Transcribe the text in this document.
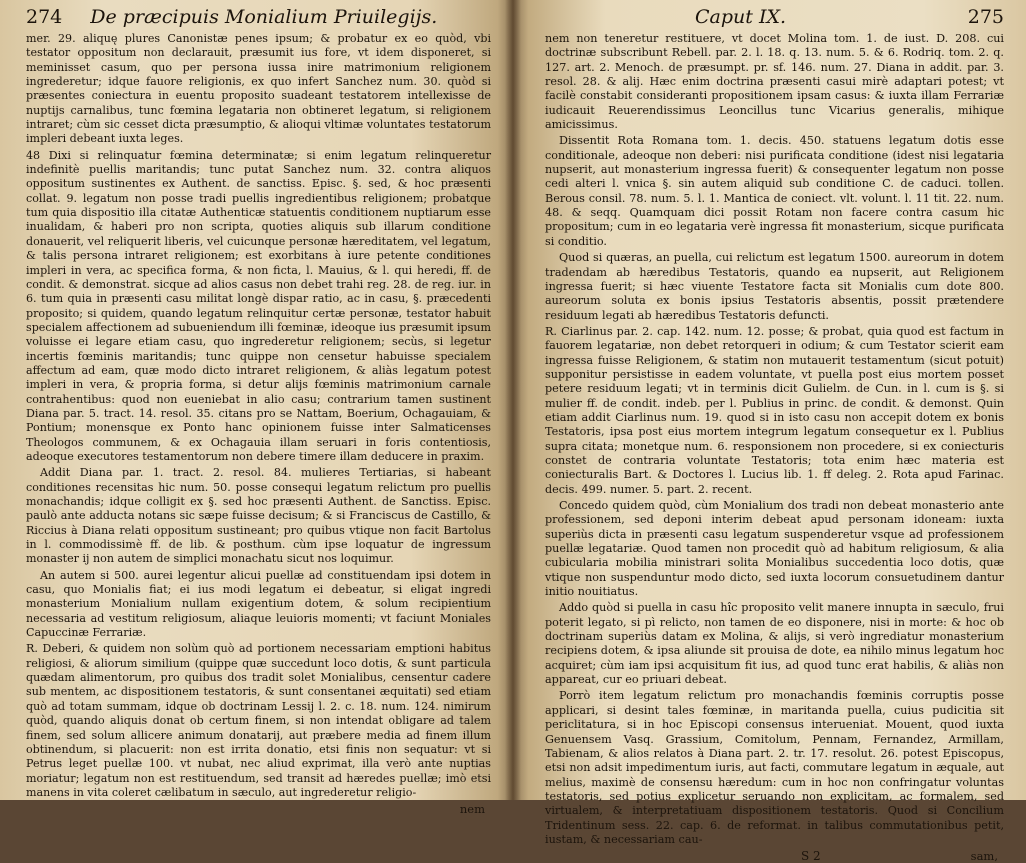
274 De præcipuis Monialium Priuilegijs.

mer. 29. aliquę plures Canonistæ penes ipsum; & probatur ex eo quòd, vbi testator oppositum non declarauit, præsumit ius fore, vt idem disponeret, si meminisset casum, quo per persona iussa inire matrimonium religionem ingrederetur; idque fauore religionis, ex quo infert Sanchez num. 30. quòd si præsentes coniectura in euentu proposito suadeant testatorem intellexisse de nuptijs carnalibus, tunc fœmina legataria non obtineret legatum, si religionem intraret; cùm sic cesset dicta præsumptio, & alioqui vltimæ voluntates testatorum impleri debeant iuxta leges.

48 Dixi si relinquatur fœmina determinatæ; si enim legatum relinqueretur indefinitè puellis maritandis; tunc putat Sanchez num. 32. contra aliquos oppositum sustinentes ex Authent. de sanctiss. Episc. §. sed, & hoc præsenti collat. 9. legatum non posse tradi puellis ingredientibus religionem; probatque tum quia dispositio illa citatæ Authenticæ statuentis conditionem nuptiarum esse inualidam, & haberi pro non scripta, quoties aliquis sub illarum conditione donauerit, vel reliquerit liberis, vel cuicunque personæ hæreditatem, vel legatum, & talis persona intraret religionem; est exorbitans à iure petente conditiones impleri in vera, ac specifica forma, & non ficta, l. Mauius, & l. qui heredi, ff. de condit. & demonstrat. sicque ad alios casus non debet trahi reg. 28. de reg. iur. in 6. tum quia in præsenti casu militat longè dispar ratio, ac in casu, §. præcedenti proposito; si quidem, quando legatum relinquitur certæ personæ, testator habuit specialem affectionem ad subueniendum illi fœminæ, ideoque ius præsumit ipsum voluisse ei legare etiam casu, quo ingrederetur religionem; secùs, si legetur incertis fœminis maritandis; tunc quippe non censetur habuisse specialem affectum ad eam, quæ modo dicto intraret religionem, & aliàs legatum potest impleri in vera, & propria forma, si detur alijs fœminis matrimonium carnale contrahentibus: quod non eueniebat in alio casu; contrarium tamen sustinent Diana par. 5. tract. 14. resol. 35. citans pro se Nattam, Boerium, Ochagauiam, & Pontium; monensque ex Ponto hanc opinionem fuisse inter Salmaticenses Theologos communem, & ex Ochagauia illam seruari in foris contentiosis, adeoque executores testamentorum non debere timere illam deducere in praxim.

Addit Diana par. 1. tract. 2. resol. 84. mulieres Tertiarias, si habeant conditiones recensitas hic num. 50. posse consequi legatum relictum pro puellis monachandis; idque colligit ex §. sed hoc præsenti Authent. de Sanctiss. Episc. paulò ante adducta notans sic sæpe fuisse decisum; & si Franciscus de Castillo, & Riccius à Diana relati oppositum sustineant; pro quibus vtique non facit Bartolus in l. commodissimè ff. de lib. & posthum. cùm ipse loquatur de ingressum monaster ij non autem de simplici monachatu sicut nos loquimur.

An autem si 500. aurei legentur alicui puellæ ad constituendam ipsi dotem in casu, quo Monialis fiat; ei ius modi legatum ei debeatur, si eligat ingredi monasterium Monialium nullam exigentium dotem, & solum recipientium necessaria ad vestitum religiosum, aliaque leuioris momenti; vt faciunt Moniales Capuccinæ Ferrariæ.

R. Deberi, & quidem non solùm quò ad portionem necessariam emptioni habitus religiosi, & aliorum similium (quippe quæ succedunt loco dotis, & sunt particula quædam alimentorum, pro quibus dos tradit solet Monialibus, censentur cadere sub mentem, ac dispositionem testatoris, & sunt consentanei æquitati) sed etiam quò ad totam summam, idque ob doctrinam Lessij l. 2. c. 18. num. 124. nimirum quòd, quando aliquis donat ob certum finem, si non intendat obligare ad talem finem, sed solum allicere animum donatarij, aut præbere media ad finem illum obtinendum, si placuerit: non est irrita donatio, etsi finis non sequatur: vt si Petrus leget puellæ 100. vt nubat, nec aliud exprimat, illa verò ante nuptias moriatur; legatum non est restituendum, sed transit ad hæredes puellæ; imò etsi manens in vita coleret cælibatum in sæculo, aut ingrederetur religio-

nem
Caput IX.	275

nem non teneretur restituere, vt docet Molina tom. 1. de iust. D. 208. cui doctrinæ subscribunt Rebell. par. 2. l. 18. q. 13. num. 5. & 6. Rodriq. tom. 2. q. 127. art. 2. Menoch. de præsumpt. pr. sf. 146. num. 27. Diana in addit. par. 3. resol. 28. & alij. Hæc enim doctrina præsenti casui mirè adaptari potest; vt facilè constabit consideranti propositionem ipsam casus: & iuxta illam Ferrariæ iudicauit Reuerendissimus Leoncillus tunc Vicarius generalis, mihique amicissimus.

Dissentit Rota Romana tom. 1. decis. 450. statuens legatum dotis esse conditionale, adeoque non deberi: nisi purificata conditione (idest nisi legataria nupserit, aut monasterium ingressa fuerit) & consequenter legatum non posse cedi alteri l. vnica §. sin autem aliquid sub conditione C. de caduci. tollen. Berous consil. 78. num. 5. l. 1. Mantica de coniect. vlt. volunt. l. 11 tit. 22. num. 48. & seqq. Quamquam dici possit Rotam non facere contra casum hic propositum; cum in eo legataria verè ingressa fit monasterium, sicque purificata si conditio.

Quod si quæras, an puella, cui relictum est legatum 1500. aureorum in dotem tradendam ab hæredibus Testatoris, quando ea nupserit, aut Religionem ingressa fuerit; si hæc viuente Testatore facta sit Monialis cum dote 800. aureorum soluta ex bonis ipsius Testatoris absentis, possit prætendere residuum legati ab hæredibus Testatoris defuncti.

R. Ciarlinus par. 2. cap. 142. num. 12. posse; & probat, quia quod est factum in fauorem legatariæ, non debet retorqueri in odium; & cum Testator scierit eam ingressa fuisse Religionem, & statim non mutauerit testamentum (sicut potuit) supponitur persistisse in eadem voluntate, vt puella post eius mortem posset petere residuum legati; vt in terminis dicit Gulielm. de Cun. in l. cum is §. si mulier ff. de condit. indeb. per l. Publius in princ. de condit. & demonst. Quin etiam addit Ciarlinus num. 19. quod si in isto casu non accepit dotem ex bonis Testatoris, ipsa post eius mortem integrum legatum consequetur ex l. Publius supra citata; monetque num. 6. responsionem non procedere, si ex coniecturis constet de contraria voluntate Testatoris; tota enim hæc materia est coniecturalis Bart. & Doctores l. Lucius lib. 1. ff deleg. 2. Rota apud Farinac. decis. 499. numer. 5. part. 2. recent.

Concedo quidem quòd, cùm Monialium dos tradi non debeat monasterio ante professionem, sed deponi interim debeat apud personam idoneam: iuxta superiùs dicta in præsenti casu legatum suspenderetur vsque ad professionem puellæ legatariæ. Quod tamen non procedit quò ad habitum religiosum, & alia cubicularia mobilia ministrari solita Monialibus succedentia loco dotis, quæ vtique non suspenduntur modo dicto, sed iuxta locorum consuetudinem dantur initio nouitiatus.

Addo quòd si puella in casu hîc proposito velit manere innupta in sæculo, frui poterit legato, si pì relicto, non tamen de eo disponere, nisi in morte: & hoc ob doctrinam superiùs datam ex Molina, & alijs, si verò ingrediatur monasterium recipiens dotem, & ipsa aliunde sit prouisa de dote, ea nihilo minus legatum hoc acquiret; cùm iam ipsi acquisitum fit ius, ad quod tunc erat habilis, & aliàs non appareat, cur eo priuari debeat.

Porrò item legatum relictum pro monachandis fœminis corruptis posse applicari, si desint tales fœminæ, in maritanda puella, cuius pudicitia sit periclitatura, si in hoc Episcopi consensus interueniat. Mouent, quod iuxta Genuensem Vasq. Grassium, Comitolum, Pennam, Fernandez, Armillam, Tabienam, & alios relatos à Diana part. 2. tr. 17. resolut. 26. potest Episcopus, etsi non adsit impedimentum iuris, aut facti, commutare legatum in æquale, aut melius, maximè de consensu hæredum: cum in hoc non confringatur voluntas testatoris, sed potius explicetur seruando non explicitam, ac formalem, sed virtualem, & interpretatiuam dispositionem testatoris. Quod si Concilium Tridentinum sess. 22. cap. 6. de reformat. in talibus commutationibus petit, iustam, & necessariam cau-

S 2	sam,
